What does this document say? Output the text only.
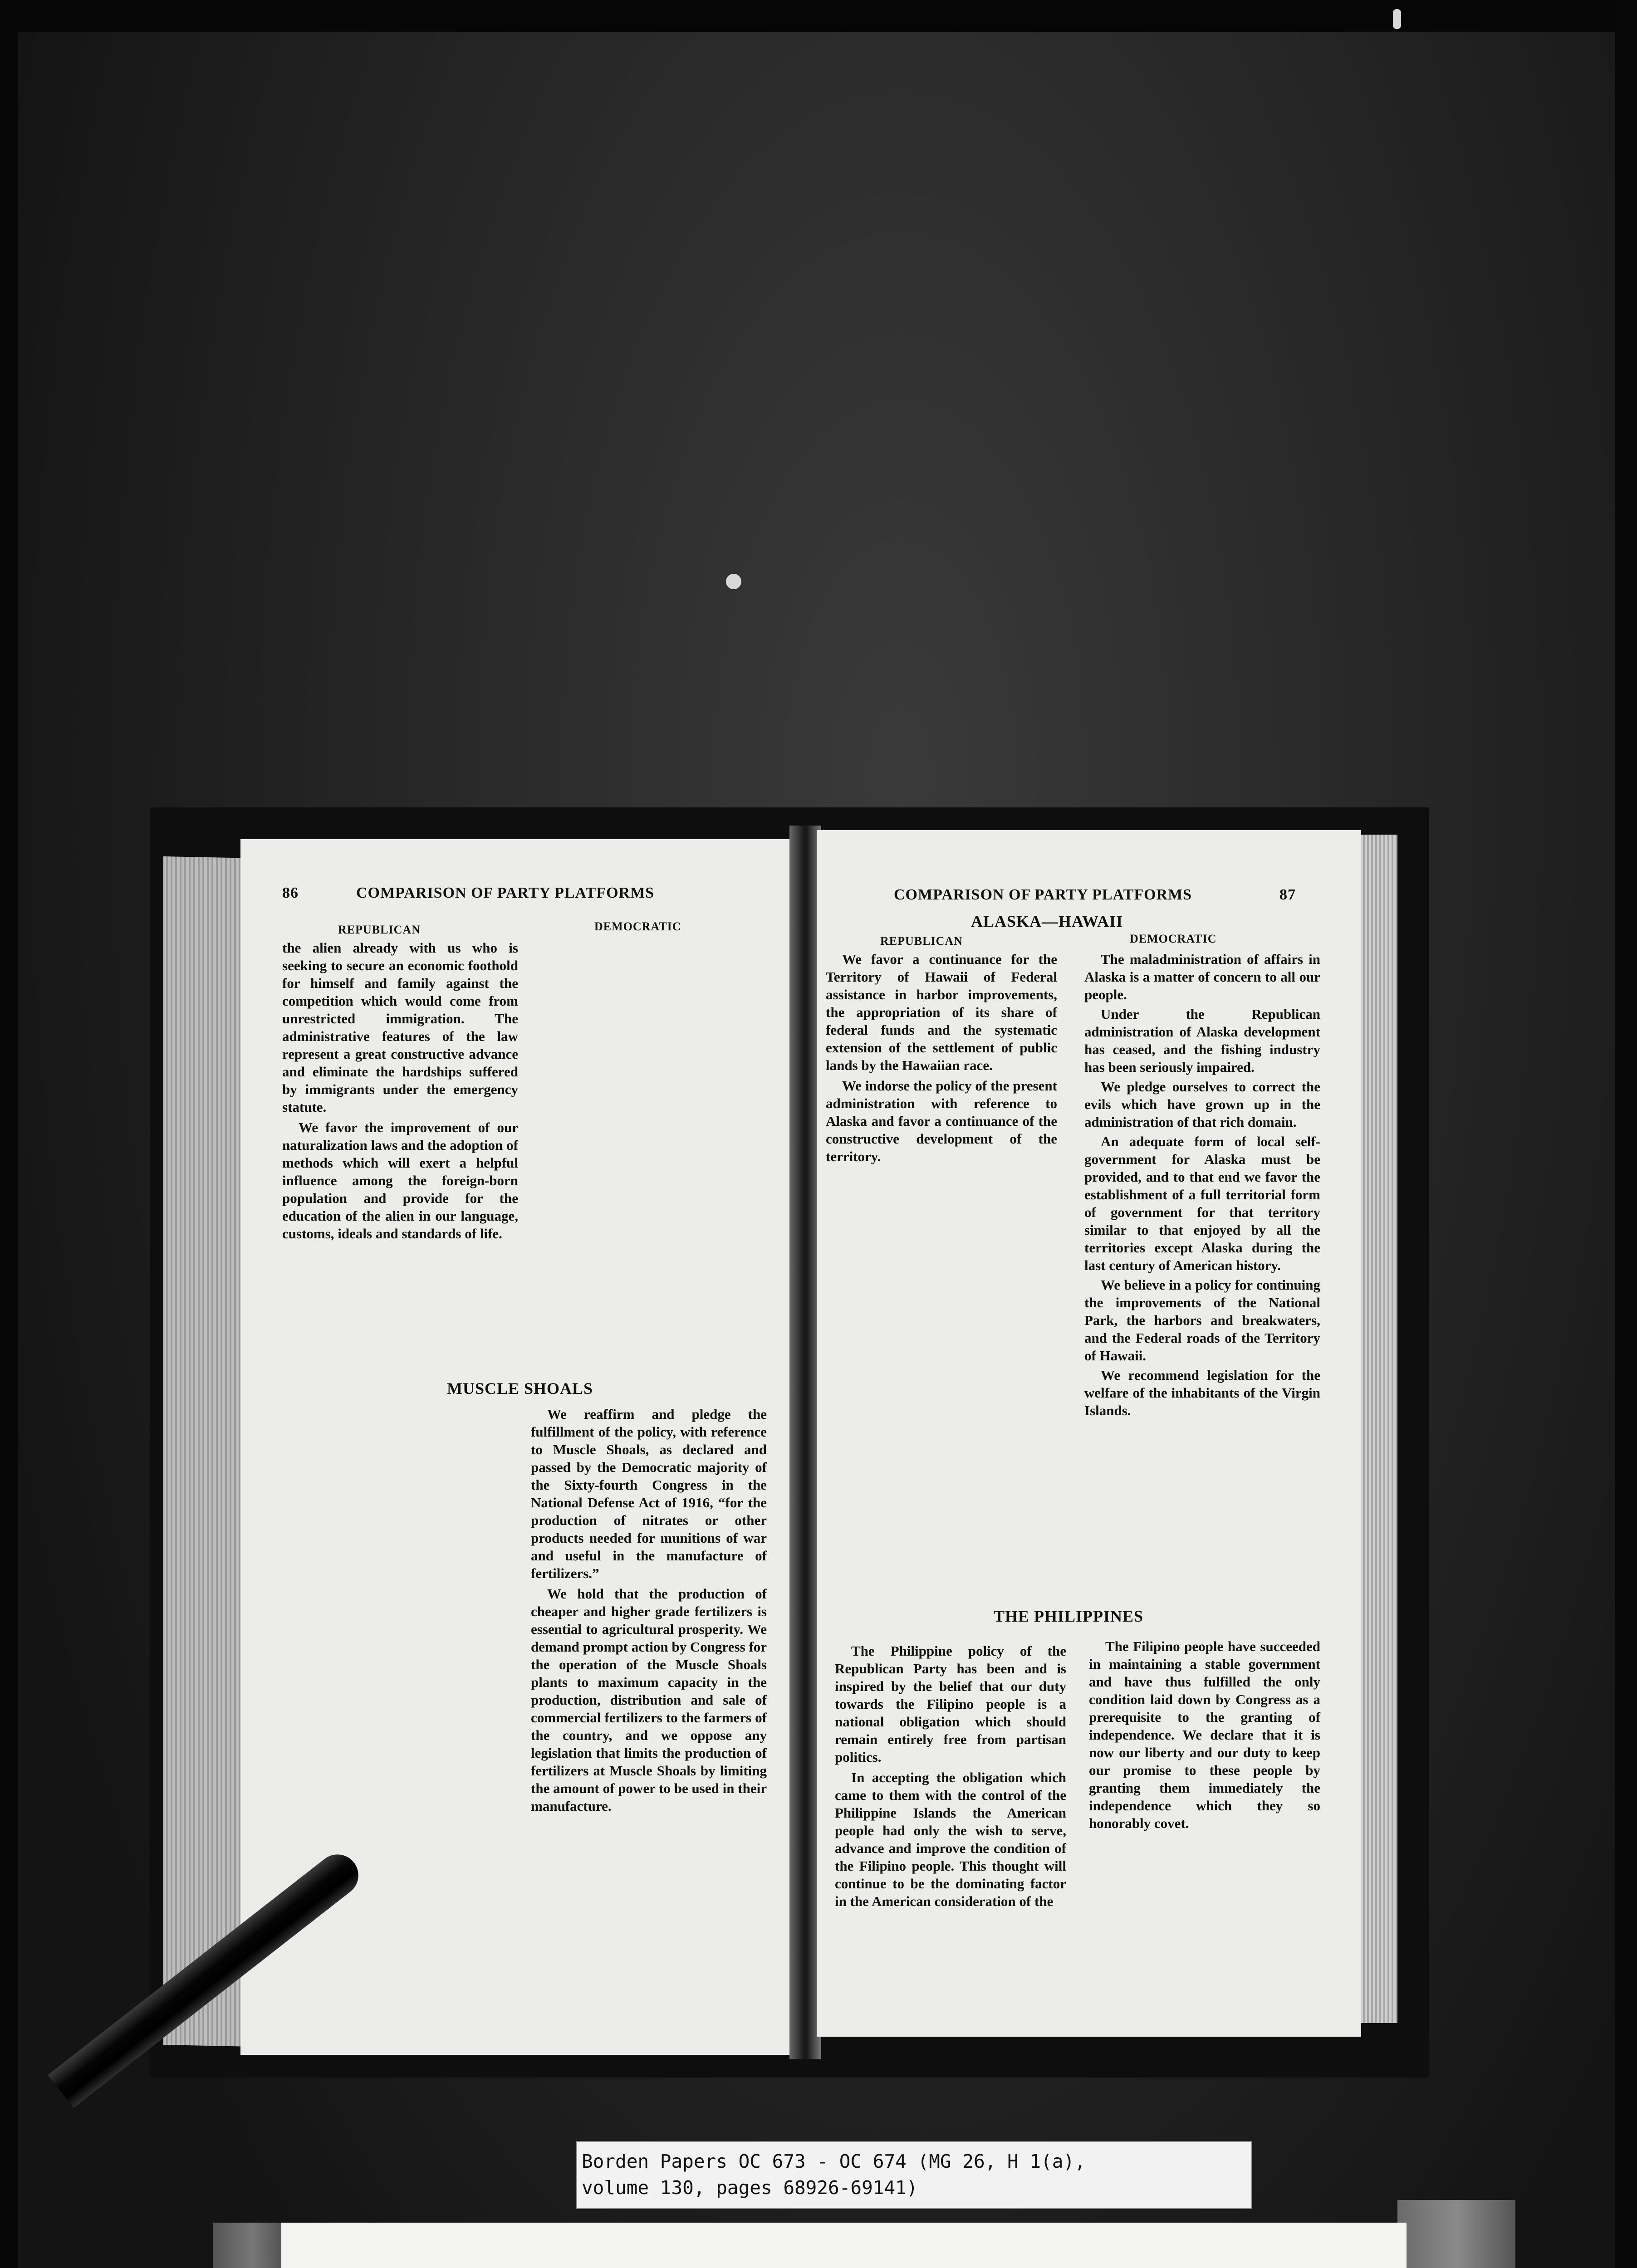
86	COMPARISON OF PARTY PLATFORMS
REPUBLICAN	DEMOCRATIC

the alien already with us who is seeking to secure an economic foothold for himself and family against the competition which would come from unrestricted immigration. The administrative features of the law represent a great constructive advance and eliminate the hardships suffered by immigrants under the emergency statute.

We favor the improvement of our naturalization laws and the adoption of methods which will exert a helpful influence among the foreign-born population and provide for the education of the alien in our language, customs, ideals and standards of life.

MUSCLE SHOALS

We reaffirm and pledge the fulfillment of the policy, with reference to Muscle Shoals, as declared and passed by the Democratic majority of the Sixty-fourth Congress in the National Defense Act of 1916, “for the production of nitrates or other products needed for munitions of war and useful in the manufacture of fertilizers.”

We hold that the production of cheaper and higher grade fertilizers is essential to agricultural prosperity. We demand prompt action by Congress for the operation of the Muscle Shoals plants to maximum capacity in the production, distribution and sale of commercial fertilizers to the farmers of the country, and we oppose any legislation that limits the production of fertilizers at Muscle Shoals by limiting the amount of power to be used in their manufacture.

COMPARISON OF PARTY PLATFORMS	87
ALASKA—HAWAII
REPUBLICAN	DEMOCRATIC

We favor a continuance for the Territory of Hawaii of Federal assistance in harbor improvements, the appropriation of its share of federal funds and the systematic extension of the settlement of public lands by the Hawaiian race.

We indorse the policy of the present administration with reference to Alaska and favor a continuance of the constructive development of the territory.

The maladministration of affairs in Alaska is a matter of concern to all our people.

Under the Republican administration of Alaska development has ceased, and the fishing industry has been seriously impaired.

We pledge ourselves to correct the evils which have grown up in the administration of that rich domain.

An adequate form of local self-government for Alaska must be provided, and to that end we favor the establishment of a full territorial form of government for that territory similar to that enjoyed by all the territories except Alaska during the last century of American history.

We believe in a policy for continuing the improvements of the National Park, the harbors and breakwaters, and the Federal roads of the Territory of Hawaii.

We recommend legislation for the welfare of the inhabitants of the Virgin Islands.

THE PHILIPPINES

The Philippine policy of the Republican Party has been and is inspired by the belief that our duty towards the Filipino people is a national obligation which should remain entirely free from partisan politics.

In accepting the obligation which came to them with the control of the Philippine Islands the American people had only the wish to serve, advance and improve the condition of the Filipino people. This thought will continue to be the dominating factor in the American consideration of the

The Filipino people have succeeded in maintaining a stable government and have thus fulfilled the only condition laid down by Congress as a prerequisite to the granting of independence. We declare that it is now our liberty and our duty to keep our promise to these people by granting them immediately the independence which they so honorably covet.

Borden Papers OC 673 - OC 674 (MG 26, H 1(a),
volume 130, pages 68926-69141)
